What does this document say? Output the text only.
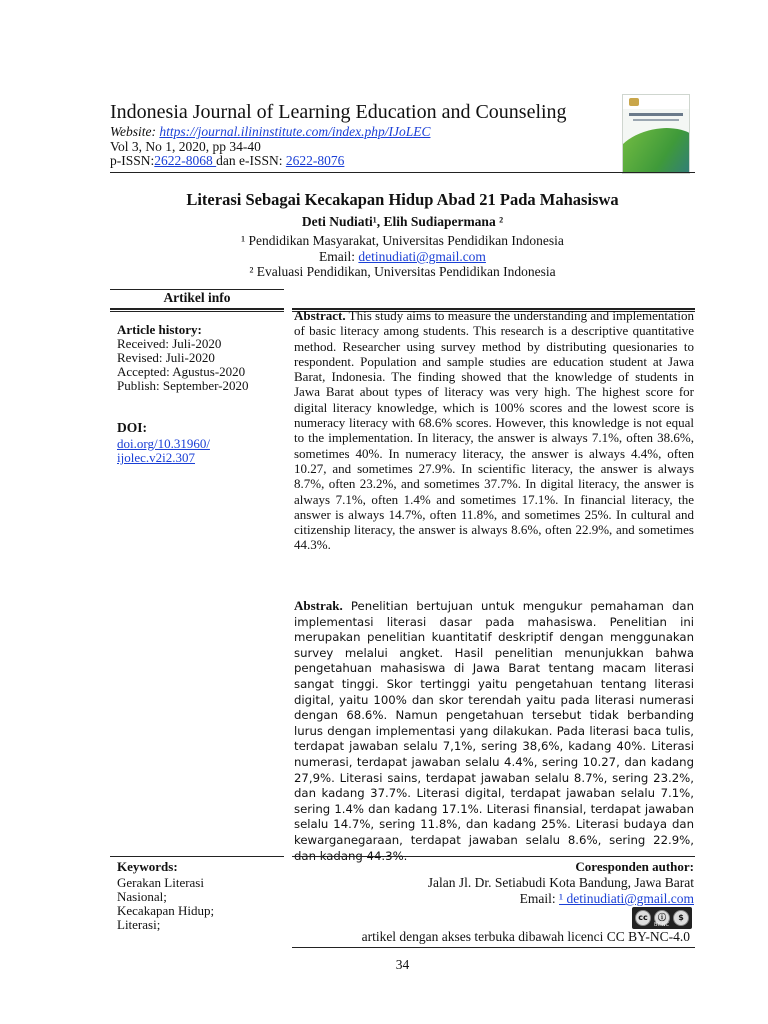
Indonesia Journal of Learning Education and Counseling
Website: https://journal.ilininstitute.com/index.php/IJoLEC
Vol 3, No 1, 2020, pp 34-40
p-ISSN:2622-8068 dan e-ISSN: 2622-8076
Literasi Sebagai Kecakapan Hidup Abad 21 Pada Mahasiswa
Deti Nudiati¹, Elih Sudiapermana ²
¹ Pendidikan Masyarakat, Universitas Pendidikan Indonesia
Email: detinudiati@gmail.com
² Evaluasi Pendidikan, Universitas Pendidikan Indonesia
Artikel info
Article history:
Received: Juli-2020
Revised: Juli-2020
Accepted: Agustus-2020
Publish: September-2020
DOI:
doi.org/10.31960/
ijolec.v2i2.307
Abstract. This study aims to measure the understanding and implementation of basic literacy among students. This research is a descriptive quantitative method. Researcher using survey method by distributing quesionaries to respondent. Population and sample studies are education student at Jawa Barat, Indonesia. The finding showed that the knowledge of students in Jawa Barat about types of literacy was very high. The highest score for digital literacy knowledge, which is 100% scores and the lowest score is numeracy literacy with 68.6% scores. However, this knowledge is not equal to the implementation. In literacy, the answer is always 7.1%, often 38.6%, sometimes 40%. In numeracy literacy, the answer is always 4.4%, often 10.27, and sometimes 27.9%. In scientific literacy, the answer is always 8.7%, often 23.2%, and sometimes 37.7%. In digital literacy, the answer is always 7.1%, often 1.4% and sometimes 17.1%. In financial literacy, the answer is always 14.7%, often 11.8%, and sometimes 25%. In cultural and citizenship literacy, the answer is always 8.6%, often 22.9%, and sometimes 44.3%.
Abstrak. Penelitian bertujuan untuk mengukur pemahaman dan implementasi literasi dasar pada mahasiswa. Penelitian ini merupakan penelitian kuantitatif deskriptif dengan menggunakan survey melalui angket. Hasil penelitian menunjukkan bahwa pengetahuan mahasiswa di Jawa Barat tentang macam literasi sangat tinggi. Skor tertinggi yaitu pengetahuan tentang literasi digital, yaitu 100% dan skor terendah yaitu pada literasi numerasi dengan 68.6%. Namun pengetahuan tersebut tidak berbanding lurus dengan implementasi yang dilakukan. Pada literasi baca tulis, terdapat jawaban selalu 7,1%, sering 38,6%, kadang 40%. Literasi numerasi, terdapat jawaban selalu 4.4%, sering 10.27, dan kadang 27,9%. Literasi sains, terdapat jawaban selalu 8.7%, sering 23.2%, dan kadang 37.7%. Literasi digital, terdapat jawaban selalu 7.1%, sering 1.4% dan kadang 17.1%. Literasi finansial, terdapat jawaban selalu 14.7%, sering 11.8%, dan kadang 25%. Literasi budaya dan kewarganegaraan, terdapat jawaban selalu 8.6%, sering 22.9%, dan kadang 44.3%.
Keywords:
Gerakan Literasi
Nasional;
Kecakapan Hidup;
Literasi;
Coresponden author:
Jalan Jl. Dr. Setiabudi Kota Bandung, Jawa Barat
Email: ¹ detinudiati@gmail.com
cc	ⓘ	$
BY NC
artikel dengan akses terbuka dibawah licenci CC BY-NC-4.0
34
